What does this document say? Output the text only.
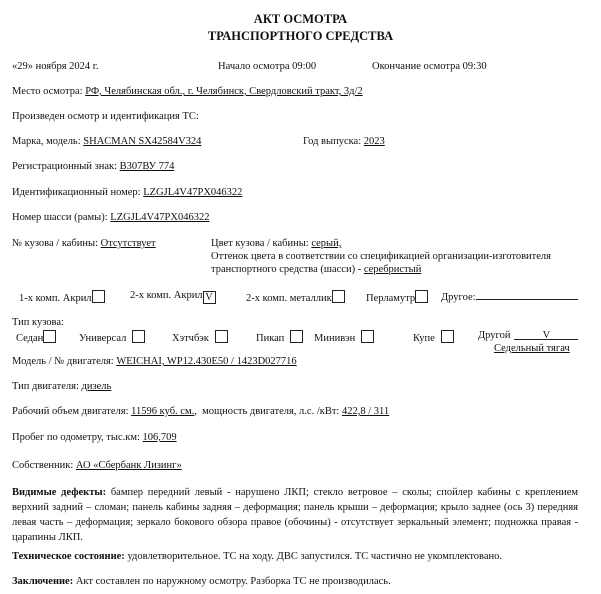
АКТ ОСМОТРА
ТРАНСПОРТНОГО СРЕДСТВА
«29» ноября 2024 г.	Начало осмотра 09:00	Окончание осмотра 09:30
Место осмотра: РФ, Челябинская обл., г. Челябинск, Свердловский тракт, 3д/2
Произведен осмотр и идентификация ТС:
Марка, модель: SHACMAN SX42584V324	Год выпуска: 2023
Регистрационный знак: В307ВУ 774
Идентификационный номер: LZGJL4V47PX046322
Номер шасси (рамы): LZGJL4V47PX046322
№ кузова / кабины: Отсутствует	Цвет кузова / кабины: серый,
Оттенок цвета в соответствии со спецификацией организации-изготовителя
транспортного средства (шасси) - серебристый
1-х комп. Акрил	2-х комп. Акрил V	2-х комп. металлик	Перламутр	Другое:
Тип кузова:
Седан	Универсал	Хэтчбэк	Пикап	Минивэн	Купе	Другой	V
Седельный тягач
Модель / № двигателя: WEICHAI, WP12.430E50 / 1423D027716
Тип двигателя: дизель
Рабочий объем двигателя: 11596 куб. см., мощность двигателя, л.с. /кВт: 422,8 / 311
Пробег по одометру, тыс.км: 106,709
Собственник: АО «Сбербанк Лизинг»
Видимые дефекты: бампер передний левый - нарушено ЛКП; стекло ветровое – сколы; спойлер кабины с креплением верхний задний – сломан; панель кабины задняя – деформация; панель крыши – деформация; крыло заднее (ось 3) передняя левая часть – деформация; зеркало бокового обзора правое (обочины) - отсутствует зеркальный элемент; подножка правая - царапины ЛКП.
Техническое состояние: удовлетворительное. ТС на ходу. ДВС запустился. ТС частично не укомплектовано.
Заключение: Акт составлен по наружному осмотру. Разборка ТС не производилась.
